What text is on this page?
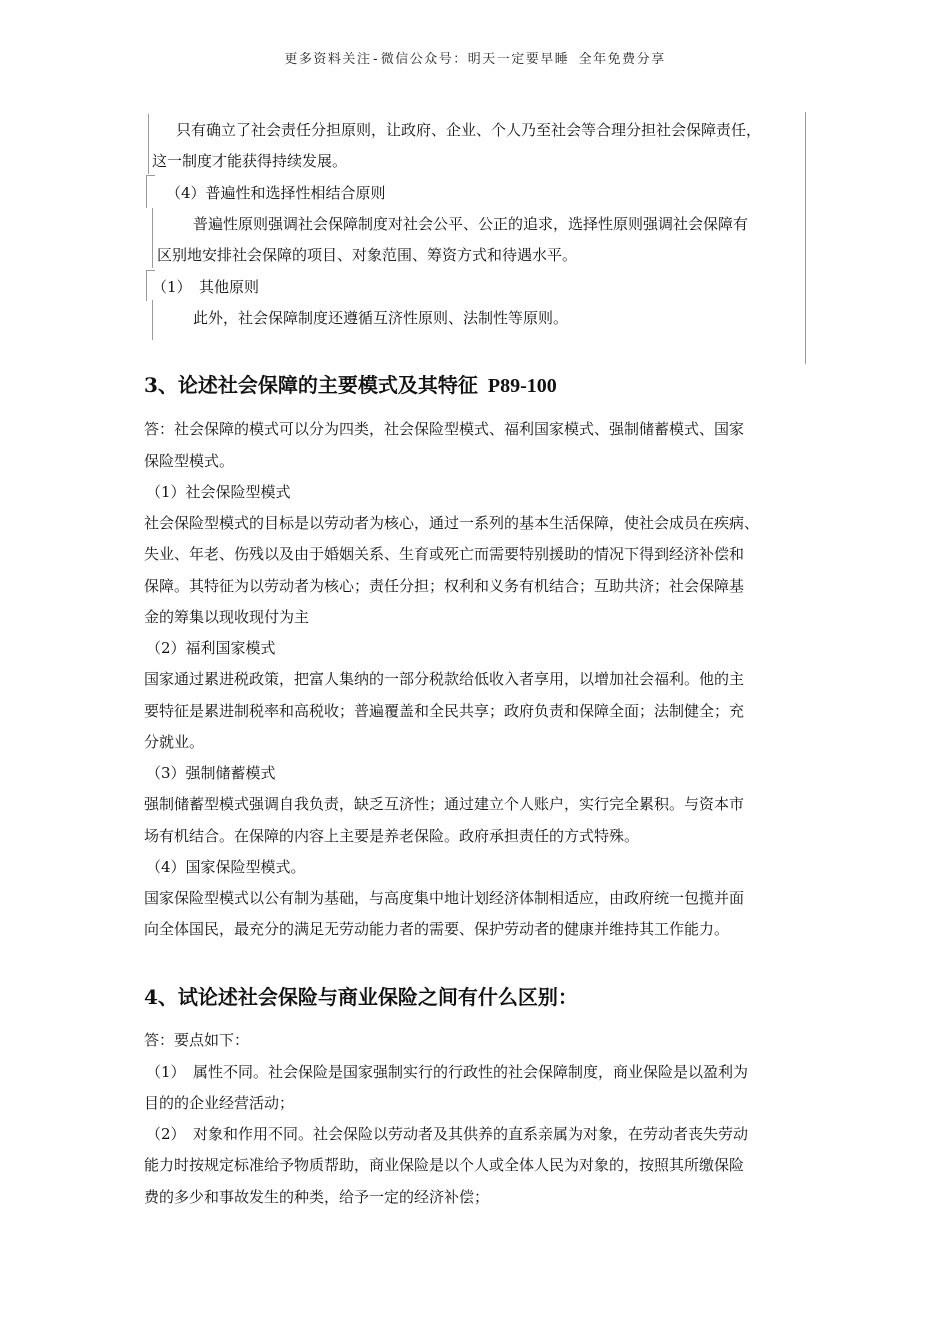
更多资料关注-微信公众号：明天一定要早睡 全年免费分享
只有确立了社会责任分担原则，让政府、企业、个人乃至社会等合理分担社会保障责任，
这一制度才能获得持续发展。
（4）普遍性和选择性相结合原则
普遍性原则强调社会保障制度对社会公平、公正的追求，选择性原则强调社会保障有
区别地安排社会保障的项目、对象范围、筹资方式和待遇水平。
（1）　其他原则
此外，社会保障制度还遵循互济性原则、法制性等原则。
3、论述社会保障的主要模式及其特征 P89-100
答：社会保障的模式可以分为四类，社会保险型模式、福利国家模式、强制储蓄模式、国家
保险型模式。
（1）社会保险型模式
社会保险型模式的目标是以劳动者为核心，通过一系列的基本生活保障，使社会成员在疾病、
失业、年老、伤残以及由于婚姻关系、生育或死亡而需要特别援助的情况下得到经济补偿和
保障。其特征为以劳动者为核心；责任分担；权利和义务有机结合；互助共济；社会保障基
金的筹集以现收现付为主
（2）福利国家模式
国家通过累进税政策，把富人集纳的一部分税款给低收入者享用，以增加社会福利。他的主
要特征是累进制税率和高税收；普遍覆盖和全民共享；政府负责和保障全面；法制健全；充
分就业。
（3）强制储蓄模式
强制储蓄型模式强调自我负责，缺乏互济性；通过建立个人账户，实行完全累积。与资本市
场有机结合。在保障的内容上主要是养老保险。政府承担责任的方式特殊。
（4）国家保险型模式。
国家保险型模式以公有制为基础，与高度集中地计划经济体制相适应，由政府统一包揽并面
向全体国民，最充分的满足无劳动能力者的需要、保护劳动者的健康并维持其工作能力。
4、试论述社会保险与商业保险之间有什么区别：
答：要点如下：
（1）　属性不同。社会保险是国家强制实行的行政性的社会保障制度，商业保险是以盈利为
目的的企业经营活动；
（2）　对象和作用不同。社会保险以劳动者及其供养的直系亲属为对象，在劳动者丧失劳动
能力时按规定标准给予物质帮助，商业保险是以个人或全体人民为对象的，按照其所缴保险
费的多少和事故发生的种类，给予一定的经济补偿；
